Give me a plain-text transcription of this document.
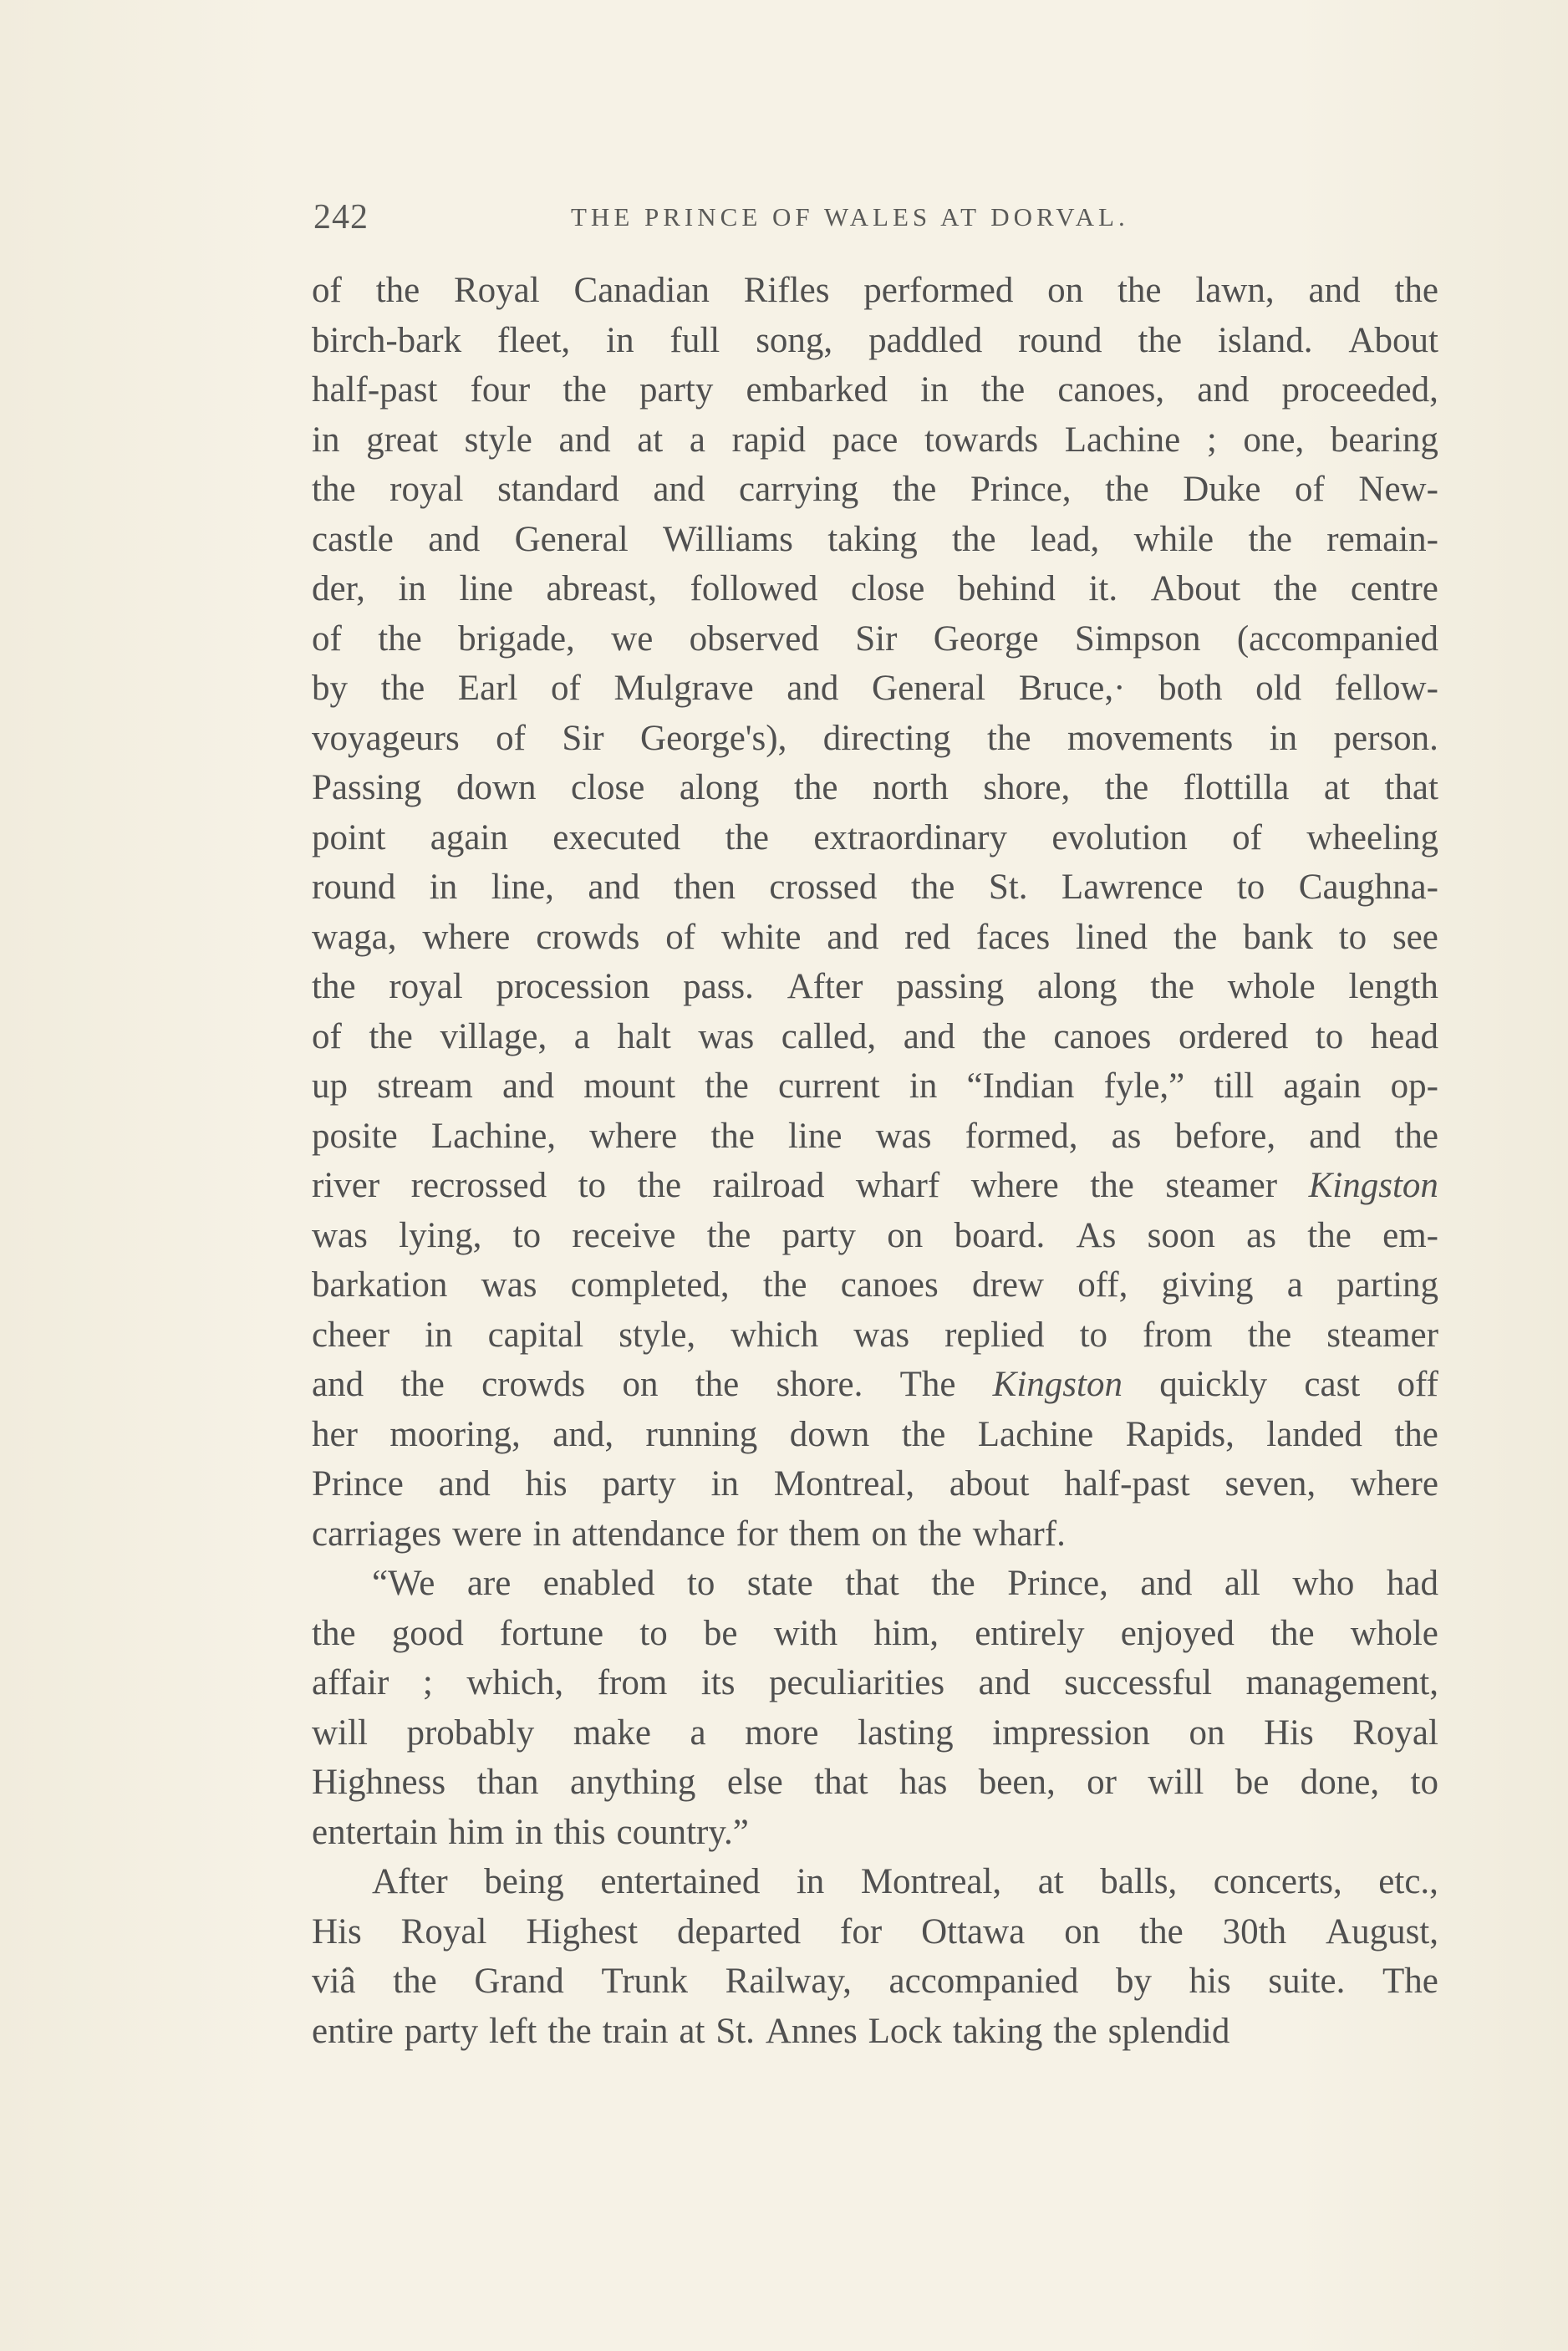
242	THE PRINCE OF WALES AT DORVAL.
of the Royal Canadian Rifles performed on the lawn, and the
birch-bark fleet, in full song, paddled round the island. About
half-past four the party embarked in the canoes, and proceeded,
in great style and at a rapid pace towards Lachine ; one, bearing
the royal standard and carrying the Prince, the Duke of New-
castle and General Williams taking the lead, while the remain-
der, in line abreast, followed close behind it. About the centre
of the brigade, we observed Sir George Simpson (accompanied
by the Earl of Mulgrave and General Bruce,· both old fellow-
voyageurs of Sir George's), directing the movements in person.
Passing down close along the north shore, the flottilla at that
point again executed the extraordinary evolution of wheeling
round in line, and then crossed the St. Lawrence to Caughna-
waga, where crowds of white and red faces lined the bank to see
the royal procession pass. After passing along the whole length
of the village, a halt was called, and the canoes ordered to head
up stream and mount the current in “Indian fyle,” till again op-
posite Lachine, where the line was formed, as before, and the
river recrossed to the railroad wharf where the steamer Kingston
was lying, to receive the party on board. As soon as the em-
barkation was completed, the canoes drew off, giving a parting
cheer in capital style, which was replied to from the steamer
and the crowds on the shore. The Kingston quickly cast off
her mooring, and, running down the Lachine Rapids, landed the
Prince and his party in Montreal, about half-past seven, where
carriages were in attendance for them on the wharf.
“We are enabled to state that the Prince, and all who had
the good fortune to be with him, entirely enjoyed the whole
affair ; which, from its peculiarities and successful management,
will probably make a more lasting impression on His Royal
Highness than anything else that has been, or will be done, to
entertain him in this country.”
After being entertained in Montreal, at balls, concerts, etc.,
His Royal Highest departed for Ottawa on the 30th August,
viâ the Grand Trunk Railway, accompanied by his suite. The
entire party left the train at St. Annes Lock taking the splendid
